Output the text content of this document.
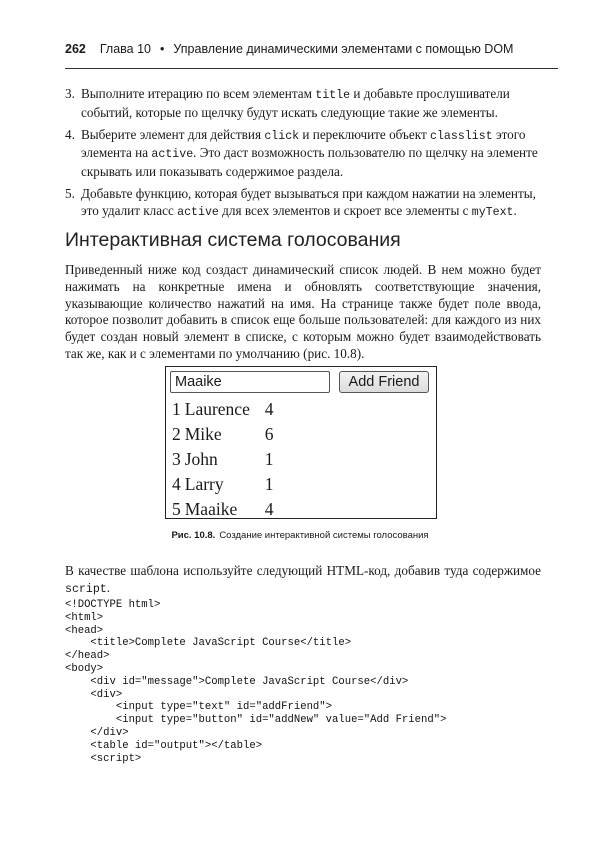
262 Глава 10 • Управление динамическими элементами с помощью DOM
3. Выполните итерацию по всем элементам title и добавьте прослушиватели событий, которые по щелчку будут искать следующие такие же элементы.
4. Выберите элемент для действия click и переключите объект classlist этого элемента на active. Это даст возможность пользователю по щелчку на элементе скрывать или показывать содержимое раздела.
5. Добавьте функцию, которая будет вызываться при каждом нажатии на элементы, это удалит класс active для всех элементов и скроет все элементы с myText.
Интерактивная система голосования
Приведенный ниже код создаст динамический список людей. В нем можно будет нажимать на конкретные имена и обновлять соответствующие значения, указывающие количество нажатий на имя. На странице также будет поле ввода, которое позволит добавить в список еще больше пользователей: для каждого из них будет создан новый элемент в списке, с которым можно будет взаимодействовать так же, как и с элементами по умолчанию (рис. 10.8).
Maaike	Add Friend
1	Laurence	4
2	Mike	6
3	John	1
4	Larry	1
5	Maaike	4
Рис. 10.8. Создание интерактивной системы голосования
В качестве шаблона используйте следующий HTML-код, добавив туда содержимое script.
<!DOCTYPE html>
<html>
<head>
<title>Complete JavaScript Course</title>
</head>
<body>
<div id="message">Complete JavaScript Course</div>
<div>
<input type="text" id="addFriend">
<input type="button" id="addNew" value="Add Friend">
</div>
<table id="output"></table>
<script>
